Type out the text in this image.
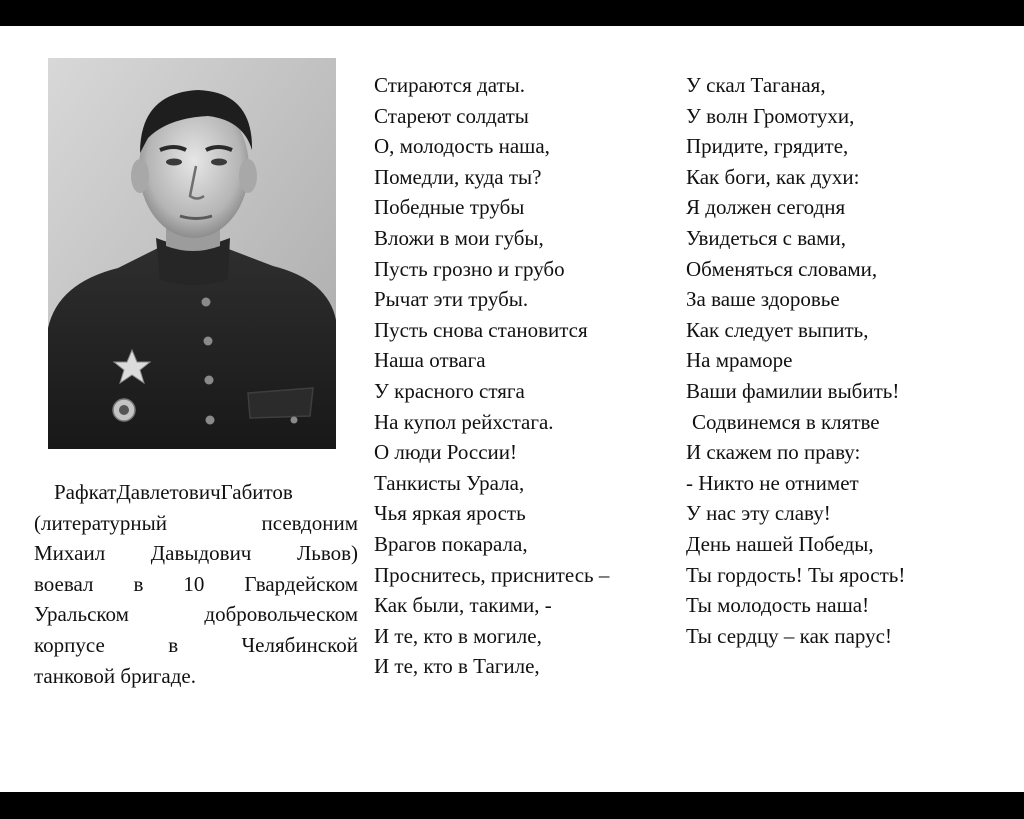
РафкатДавлетовичГабитов
(литературный псевдоним
Михаил Давыдович Львов)
воевал в 10 Гвардейском
Уральском добровольческом
корпусе в Челябинской
танковой бригаде.
Стираются даты.
Стареют солдаты
О, молодость наша,
Помедли, куда ты?
Победные трубы
Вложи в мои губы,
Пусть грозно и грубо
Рычат эти трубы.
Пусть снова становится
Наша отвага
У красного стяга
На купол рейхстага.
О люди России!
Танкисты Урала,
Чья яркая ярость
Врагов покарала,
Проснитесь, приснитесь –
Как были, такими, -
И те, кто в могиле,
И те, кто в Тагиле,
У скал Таганая,
У волн Громотухи,
Придите, грядите,
Как боги, как духи:
Я должен сегодня
Увидеться с вами,
Обменяться словами,
За ваше здоровье
Как следует выпить,
На мраморе
Ваши фамилии выбить!
Содвинемся в клятве
И скажем по праву:
- Никто не отнимет
У нас эту славу!
День нашей Победы,
Ты гордость! Ты ярость!
Ты молодость наша!
Ты сердцу – как парус!
